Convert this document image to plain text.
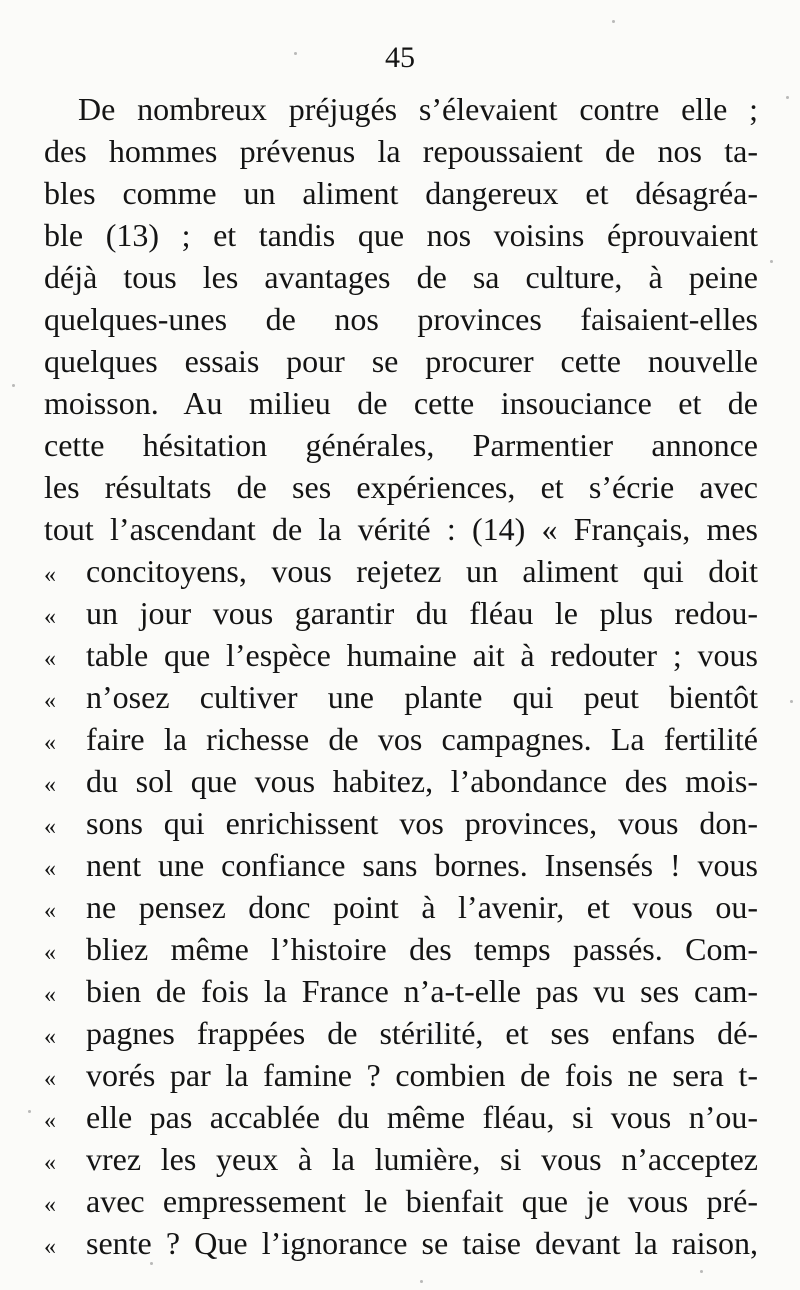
45
De nombreux préjugés s’élevaient contre elle ;
des hommes prévenus la repoussaient de nos ta-
bles comme un aliment dangereux et désagréa-
ble (13) ; et tandis que nos voisins éprouvaient
déjà tous les avantages de sa culture, à peine
quelques-unes de nos provinces faisaient-elles
quelques essais pour se procurer cette nouvelle
moisson. Au milieu de cette insouciance et de
cette hésitation générales, Parmentier annonce
les résultats de ses expériences, et s’écrie avec
tout l’ascendant de la vérité : (14) « Français, mes
« concitoyens, vous rejetez un aliment qui doit
« un jour vous garantir du fléau le plus redou-
« table que l’espèce humaine ait à redouter ; vous
« n’osez cultiver une plante qui peut bientôt
« faire la richesse de vos campagnes. La fertilité
« du sol que vous habitez, l’abondance des mois-
« sons qui enrichissent vos provinces, vous don-
« nent une confiance sans bornes. Insensés ! vous
« ne pensez donc point à l’avenir, et vous ou-
« bliez même l’histoire des temps passés. Com-
« bien de fois la France n’a-t-elle pas vu ses cam-
« pagnes frappées de stérilité, et ses enfans dé-
« vorés par la famine ? combien de fois ne sera t-
« elle pas accablée du même fléau, si vous n’ou-
« vrez les yeux à la lumière, si vous n’acceptez
« avec empressement le bienfait que je vous pré-
« sente ? Que l’ignorance se taise devant la raison,
